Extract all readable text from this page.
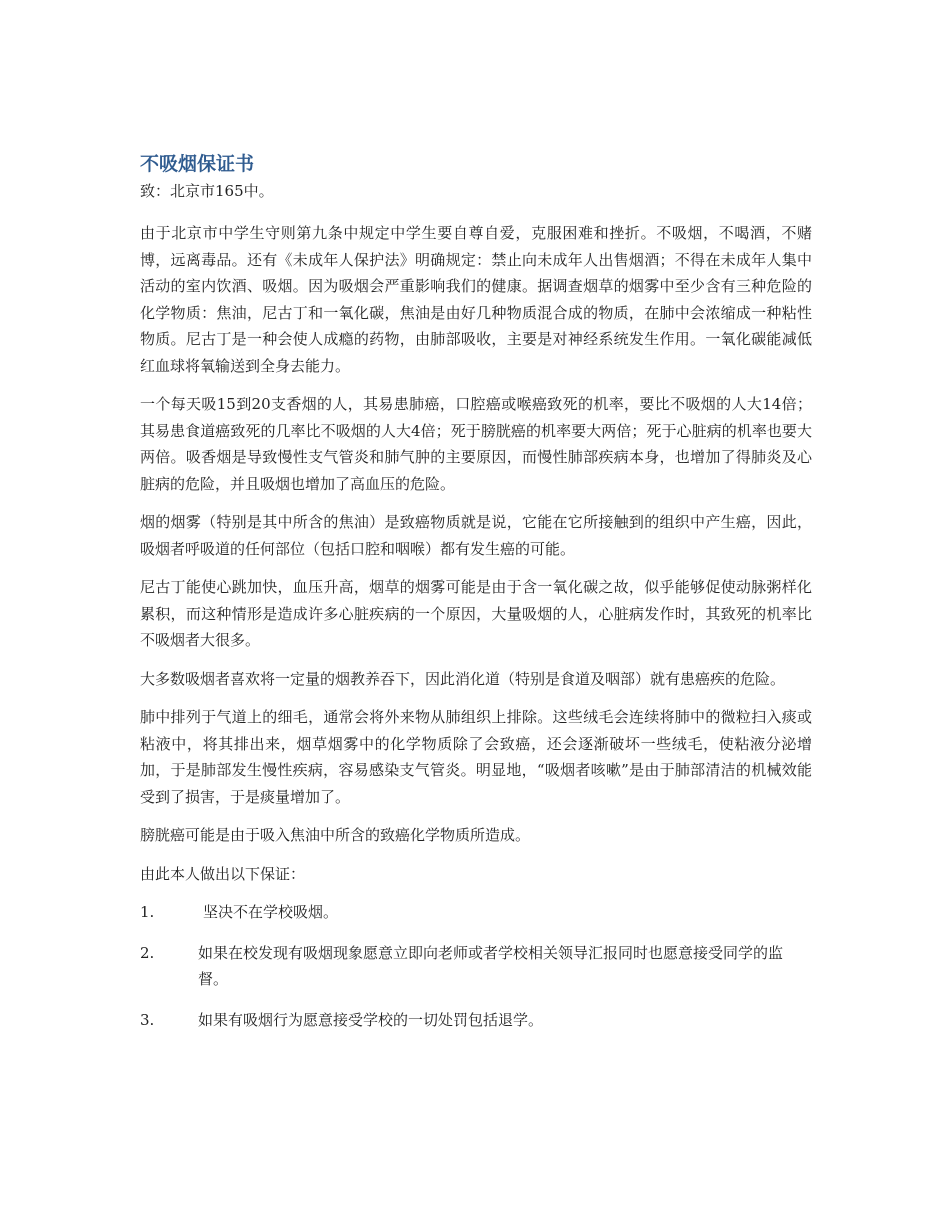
不吸烟保证书

致：北京市165中。

由于北京市中学生守则第九条中规定中学生要自尊自爱，克服困难和挫折。不吸烟，不喝酒，不赌博，远离毒品。还有《未成年人保护法》明确规定：禁止向未成年人出售烟酒；不得在未成年人集中活动的室内饮酒、吸烟。因为吸烟会严重影响我们的健康。据调查烟草的烟雾中至少含有三种危险的化学物质：焦油，尼古丁和一氧化碳，焦油是由好几种物质混合成的物质，在肺中会浓缩成一种粘性物质。尼古丁是一种会使人成瘾的药物，由肺部吸收，主要是对神经系统发生作用。一氧化碳能减低红血球将氧输送到全身去能力。

一个每天吸15到20支香烟的人，其易患肺癌，口腔癌或喉癌致死的机率，要比不吸烟的人大14倍；其易患食道癌致死的几率比不吸烟的人大4倍；死于膀胱癌的机率要大两倍；死于心脏病的机率也要大两倍。吸香烟是导致慢性支气管炎和肺气肿的主要原因，而慢性肺部疾病本身，也增加了得肺炎及心脏病的危险，并且吸烟也增加了高血压的危险。

烟的烟雾（特别是其中所含的焦油）是致癌物质就是说，它能在它所接触到的组织中产生癌，因此，吸烟者呼吸道的任何部位（包括口腔和咽喉）都有发生癌的可能。

尼古丁能使心跳加快，血压升高，烟草的烟雾可能是由于含一氧化碳之故，似乎能够促使动脉粥样化累积，而这种情形是造成许多心脏疾病的一个原因，大量吸烟的人，心脏病发作时，其致死的机率比不吸烟者大很多。

大多数吸烟者喜欢将一定量的烟教养吞下，因此消化道（特别是食道及咽部）就有患癌疾的危险。

肺中排列于气道上的细毛，通常会将外来物从肺组织上排除。这些绒毛会连续将肺中的微粒扫入痰或粘液中，将其排出来，烟草烟雾中的化学物质除了会致癌，还会逐渐破坏一些绒毛，使粘液分泌增加，于是肺部发生慢性疾病，容易感染支气管炎。明显地，“吸烟者咳嗽”是由于肺部清洁的机械效能受到了损害，于是痰量增加了。

膀胱癌可能是由于吸入焦油中所含的致癌化学物质所造成。

由此本人做出以下保证：

1.	坚决不在学校吸烟。
2.	如果在校发现有吸烟现象愿意立即向老师或者学校相关领导汇报同时也愿意接受同学的监督。
3.	如果有吸烟行为愿意接受学校的一切处罚包括退学。
